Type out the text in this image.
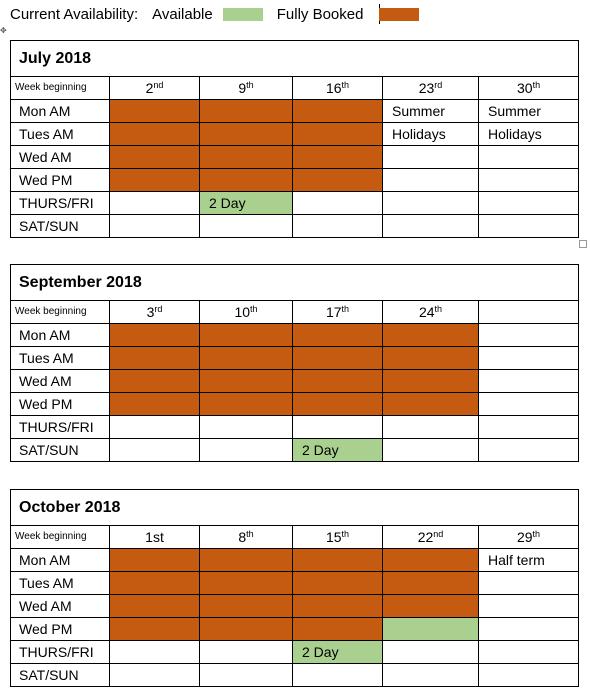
Current Availability: Available	Fully Booked
✥
July 2018					
Week beginning	2nd	9th	16th	23rd	30th
Mon AM				Summer	Summer
Tues AM				Holidays	Holidays
Wed AM					
Wed PM					
THURS/FRI		2 Day			
SAT/SUN					
September 2018					
Week beginning	3rd	10th	17th	24th	
Mon AM					
Tues AM					
Wed AM					
Wed PM					
THURS/FRI					
SAT/SUN			2 Day		
October 2018					
Week beginning	1st	8th	15th	22nd	29th
Mon AM					Half term
Tues AM					
Wed AM					
Wed PM					
THURS/FRI			2 Day		
SAT/SUN					
